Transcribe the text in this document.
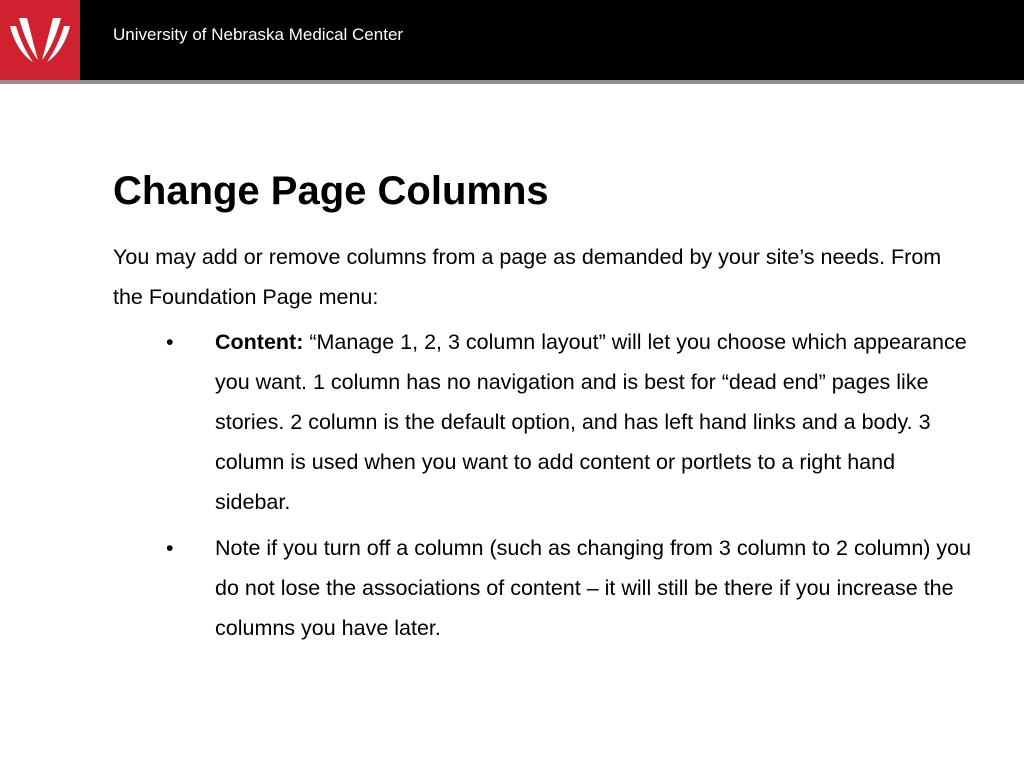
University of Nebraska Medical Center
Change Page Columns

You may add or remove columns from a page as demanded by your site’s needs. From the Foundation Page menu:

• Content: “Manage 1, 2, 3 column layout” will let you choose which appearance you want. 1 column has no navigation and is best for “dead end” pages like stories. 2 column is the default option, and has left hand links and a body. 3 column is used when you want to add content or portlets to a right hand sidebar.
• Note if you turn off a column (such as changing from 3 column to 2 column) you do not lose the associations of content – it will still be there if you increase the columns you have later.
